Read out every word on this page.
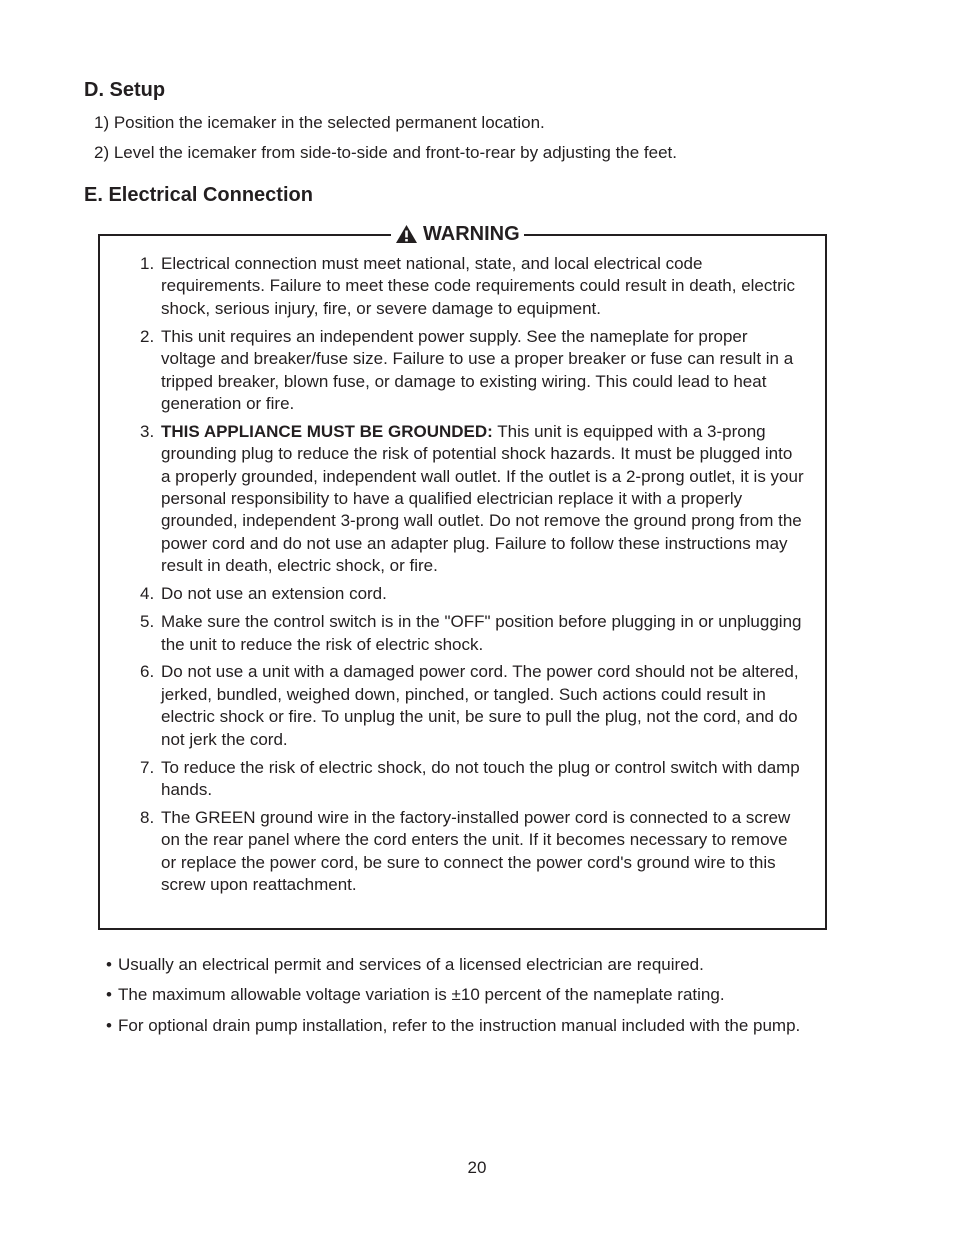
D. Setup
1) Position the icemaker in the selected permanent location.
2) Level the icemaker from side-to-side and front-to-rear by adjusting the feet.
E. Electrical Connection
WARNING
1. Electrical connection must meet national, state, and local electrical code requirements. Failure to meet these code requirements could result in death, electric shock, serious injury, fire, or severe damage to equipment.
2. This unit requires an independent power supply. See the nameplate for proper voltage and breaker/fuse size. Failure to use a proper breaker or fuse can result in a tripped breaker, blown fuse, or damage to existing wiring. This could lead to heat generation or fire.
3. THIS APPLIANCE MUST BE GROUNDED: This unit is equipped with a 3-prong grounding plug to reduce the risk of potential shock hazards. It must be plugged into a properly grounded, independent wall outlet. If the outlet is a 2-prong outlet, it is your personal responsibility to have a qualified electrician replace it with a properly grounded, independent 3-prong wall outlet. Do not remove the ground prong from the power cord and do not use an adapter plug. Failure to follow these instructions may result in death, electric shock, or fire.
4. Do not use an extension cord.
5. Make sure the control switch is in the "OFF" position before plugging in or unplugging the unit to reduce the risk of electric shock.
6. Do not use a unit with a damaged power cord. The power cord should not be altered, jerked, bundled, weighed down, pinched, or tangled. Such actions could result in electric shock or fire. To unplug the unit, be sure to pull the plug, not the cord, and do not jerk the cord.
7. To reduce the risk of electric shock, do not touch the plug or control switch with damp hands.
8. The GREEN ground wire in the factory-installed power cord is connected to a screw on the rear panel where the cord enters the unit. If it becomes necessary to remove or replace the power cord, be sure to connect the power cord's ground wire to this screw upon reattachment.
• Usually an electrical permit and services of a licensed electrician are required.
• The maximum allowable voltage variation is ±10 percent of the nameplate rating.
• For optional drain pump installation, refer to the instruction manual included with the pump.
20
